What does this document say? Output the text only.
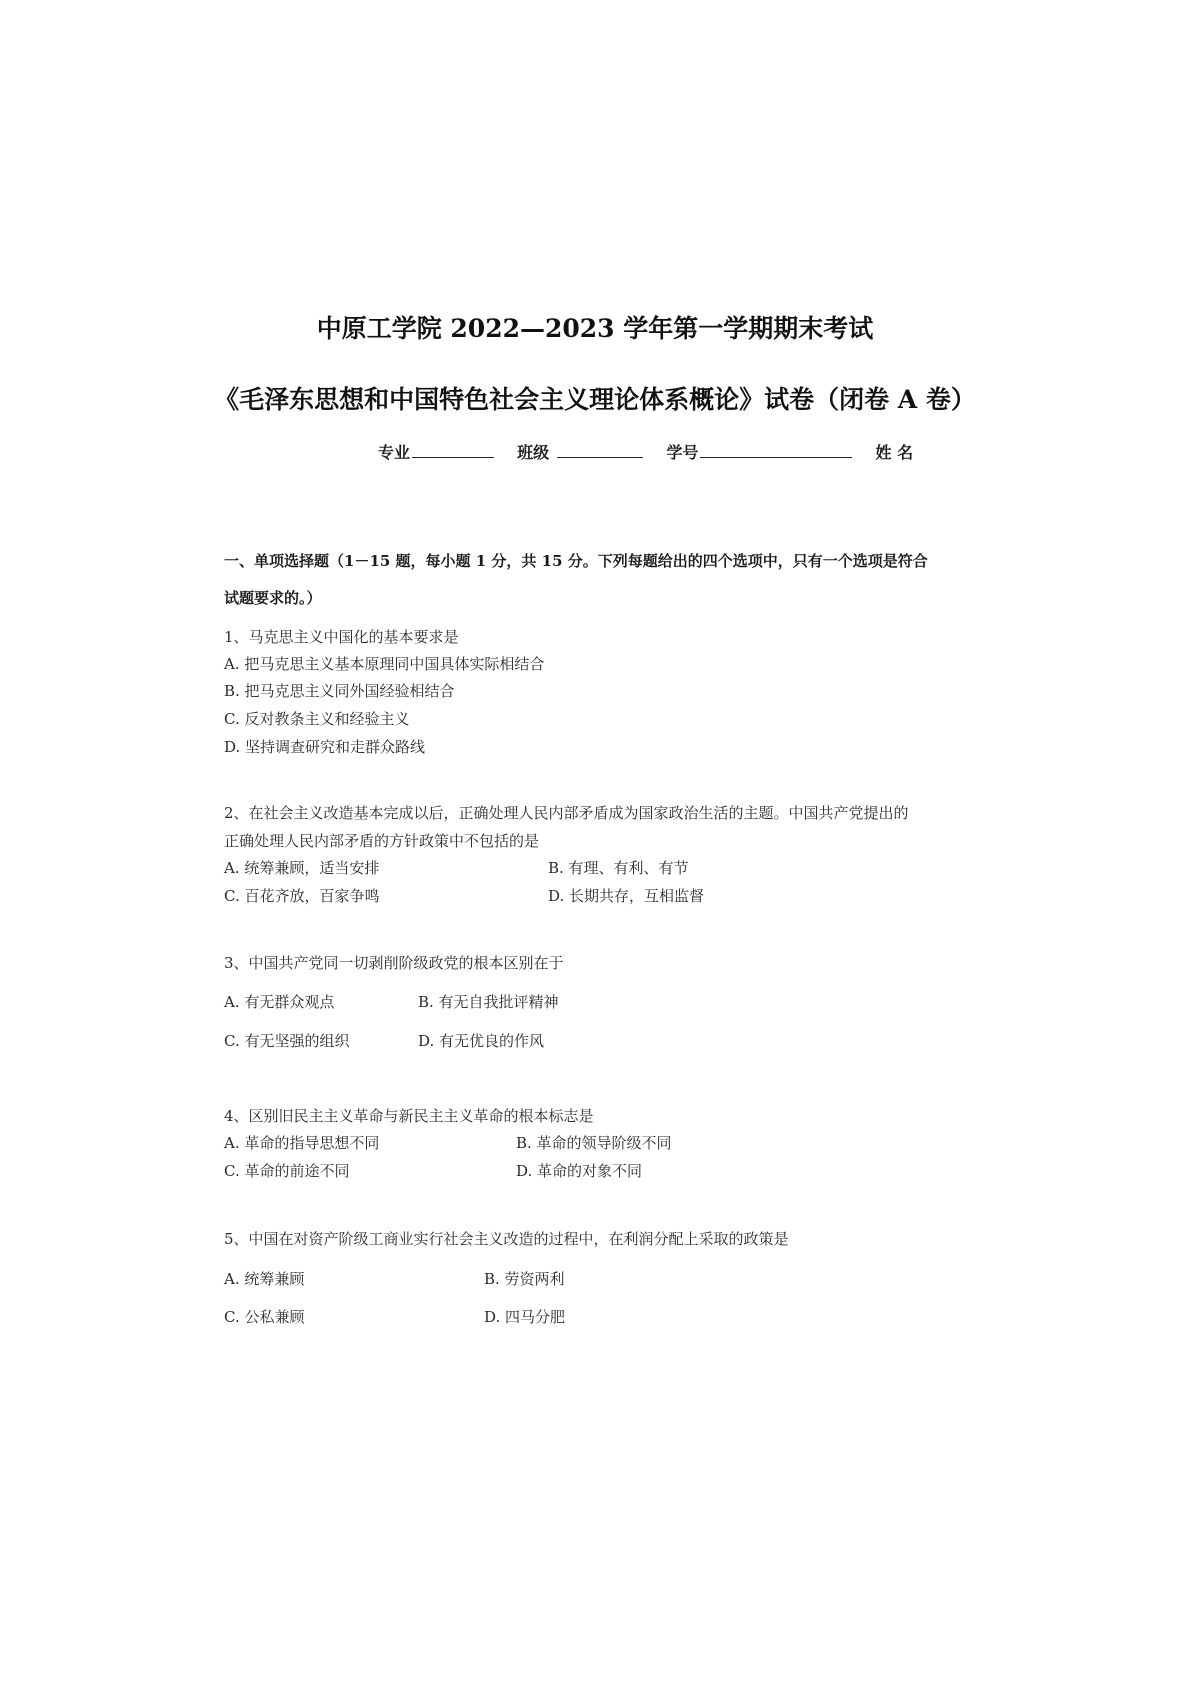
中原工学院 2022—2023 学年第一学期期末考试
《毛泽东思想和中国特色社会主义理论体系概论》试卷（闭卷 A 卷）
专业	班级	学号	姓 名
一、单项选择题（1－15 题，每小题 1 分，共 15 分。下列每题给出的四个选项中，只有一个选项是符合
试题要求的。）
1、马克思主义中国化的基本要求是
A. 把马克思主义基本原理同中国具体实际相结合
B. 把马克思主义同外国经验相结合
C. 反对教条主义和经验主义
D. 坚持调查研究和走群众路线
2、在社会主义改造基本完成以后，正确处理人民内部矛盾成为国家政治生活的主题。中国共产党提出的
正确处理人民内部矛盾的方针政策中不包括的是
A. 统筹兼顾，适当安排	B. 有理、有利、有节
C. 百花齐放，百家争鸣	D. 长期共存，互相监督
3、中国共产党同一切剥削阶级政党的根本区别在于
A. 有无群众观点	B. 有无自我批评精神
C. 有无坚强的组织	D. 有无优良的作风
4、区别旧民主主义革命与新民主主义革命的根本标志是
A. 革命的指导思想不同	B. 革命的领导阶级不同
C. 革命的前途不同	D. 革命的对象不同
5、中国在对资产阶级工商业实行社会主义改造的过程中，在利润分配上采取的政策是
A. 统筹兼顾	B. 劳资两利
C. 公私兼顾	D. 四马分肥
